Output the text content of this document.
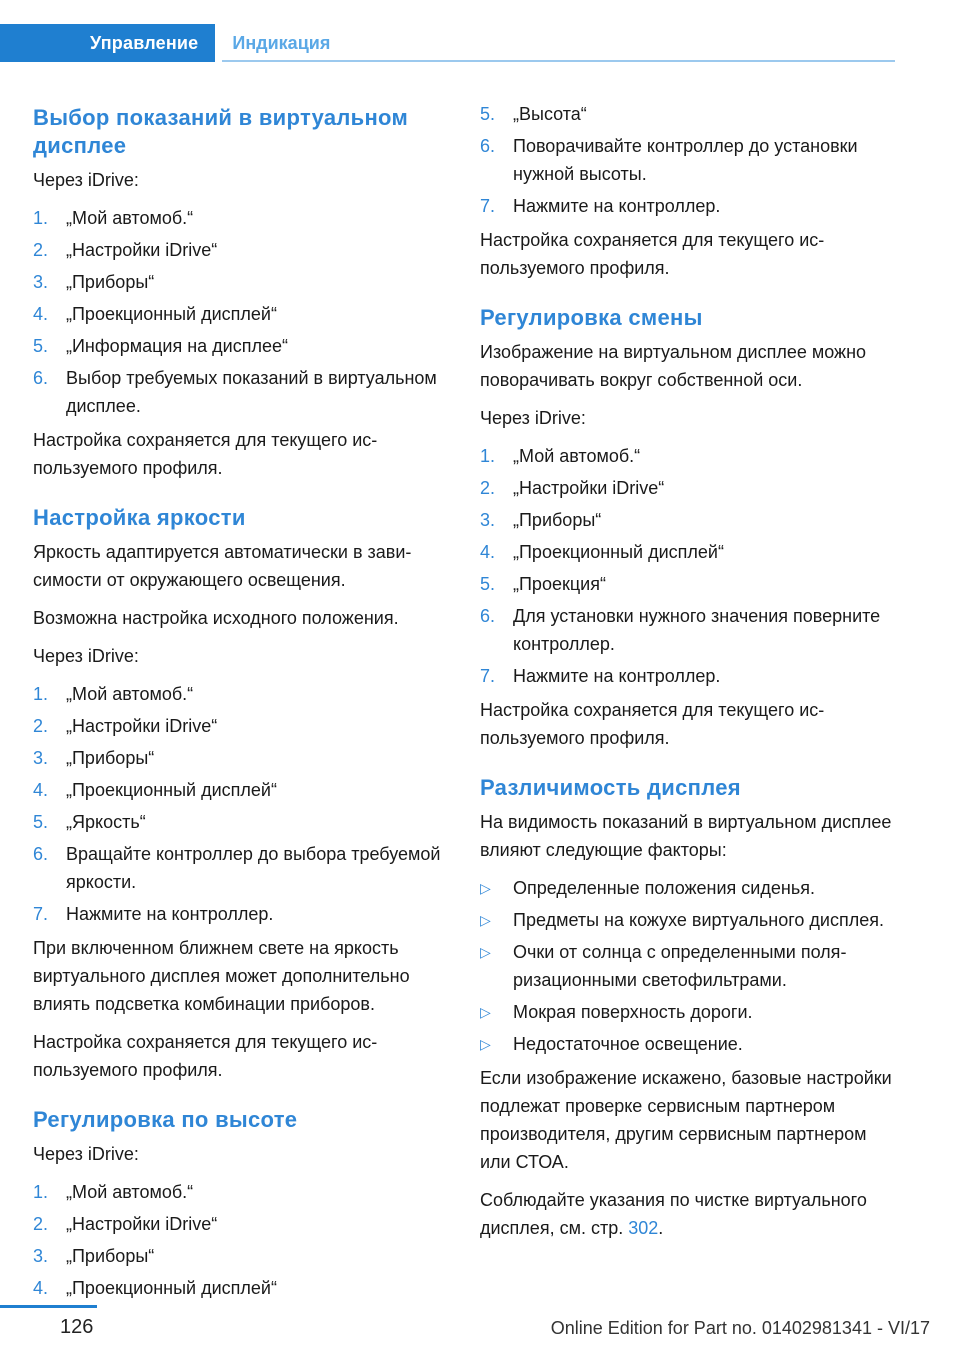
Управление	Индикация
Выбор показаний в виртуальном дисплее

Через iDrive:

1. „Мой автомоб.“
2. „Настройки iDrive“
3. „Приборы“
4. „Проекционный дисплей“
5. „Информация на дисплее“
6. Выбор требуемых показаний в виртуальном дисплее.

Настройка сохраняется для текущего используемого профиля.

Настройка яркости

Яркость адаптируется автоматически в зависимости от окружающего освещения.

Возможна настройка исходного положения.

Через iDrive:

1. „Мой автомоб.“
2. „Настройки iDrive“
3. „Приборы“
4. „Проекционный дисплей“
5. „Яркость“
6. Вращайте контроллер до выбора требуемой яркости.
7. Нажмите на контроллер.

При включенном ближнем свете на яркость виртуального дисплея может дополнительно влиять подсветка комбинации приборов.

Настройка сохраняется для текущего используемого профиля.

Регулировка по высоте

Через iDrive:

1. „Мой автомоб.“
2. „Настройки iDrive“
3. „Приборы“
4. „Проекционный дисплей“
5. „Высота“
6. Поворачивайте контроллер до установки нужной высоты.
7. Нажмите на контроллер.

Настройка сохраняется для текущего используемого профиля.

Регулировка смены

Изображение на виртуальном дисплее можно поворачивать вокруг собственной оси.

Через iDrive:

1. „Мой автомоб.“
2. „Настройки iDrive“
3. „Приборы“
4. „Проекционный дисплей“
5. „Проекция“
6. Для установки нужного значения поверните контроллер.
7. Нажмите на контроллер.

Настройка сохраняется для текущего используемого профиля.

Различимость дисплея

На видимость показаний в виртуальном дисплее влияют следующие факторы:

▷ Определенные положения сиденья.
▷ Предметы на кожухе виртуального дисплея.
▷ Очки от солнца с определенными поляризационными светофильтрами.
▷ Мокрая поверхность дороги.
▷ Недостаточное освещение.

Если изображение искажено, базовые настройки подлежат проверке сервисным партнером производителя, другим сервисным партнером или СТОА.

Соблюдайте указания по чистке виртуального дисплея, см. стр. 302.

126	Online Edition for Part no. 01402981341 - VI/17
